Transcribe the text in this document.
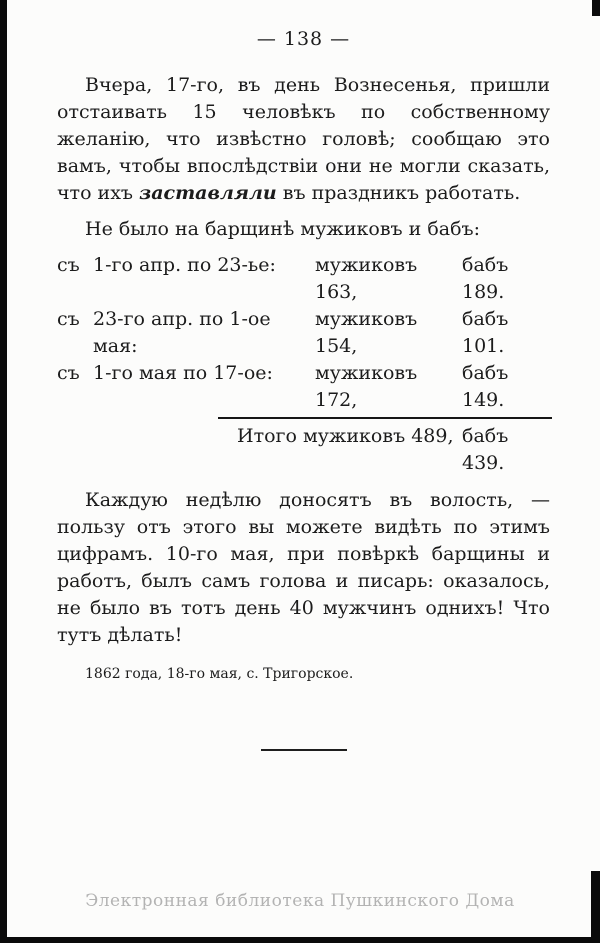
— 138 —

Вчера, 17-го, въ день Вознесенья, пришли отстаивать 15 человѣкъ по собственному желанію, что извѣстно головѣ; сообщаю это вамъ, чтобы впослѣдствіи они не могли сказать, что ихъ заставляли въ праздникъ работать.

Не было на барщинѣ мужиковъ и бабъ:

съ 1-го апр. по 23-ье:	мужиковъ 163,
бабъ 189.
съ 23-го апр. по 1-ое мая:
мужиковъ 154,
бабъ 101.
съ 1-го мая по 17-ое:	мужиковъ 172,
бабъ 149.
Итого мужиковъ 489, бабъ 439.

Каждую недѣлю доносятъ въ волость, — пользу отъ этого вы можете видѣть по этимъ цифрамъ. 10-го мая, при повѣркѣ барщины и работъ, былъ самъ голова и писарь: оказалось, не было въ тотъ день 40 мужчинъ однихъ! Что тутъ дѣлать!

1862 года, 18-го мая, с. Тригорское.

Электронная библиотека Пушкинского Дома
